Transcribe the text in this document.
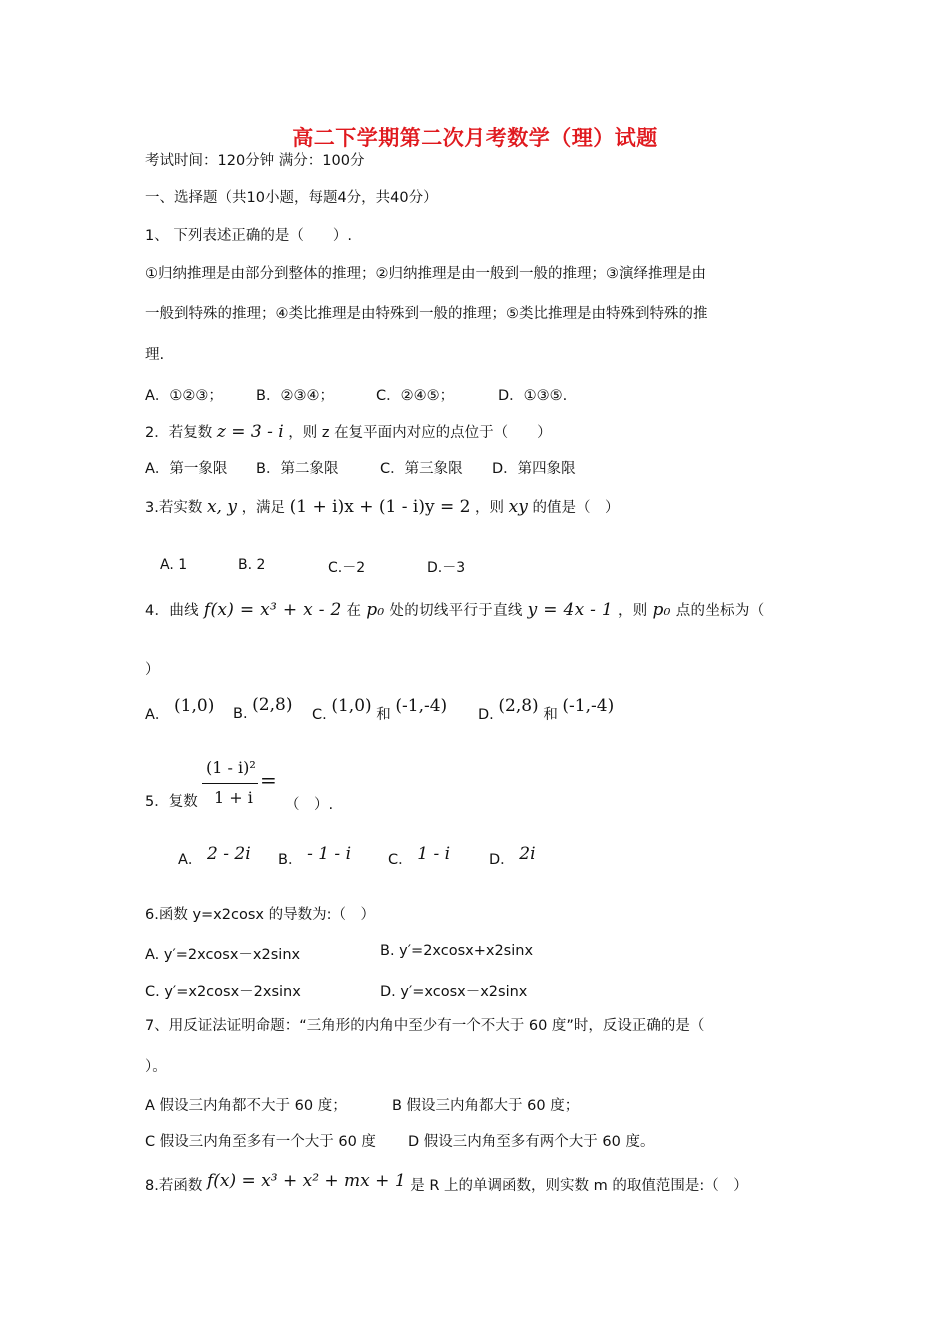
高二下学期第二次月考数学（理）试题
考试时间：120分钟 满分：100分
一、选择题（共10小题，每题4分，共40分）
1、 下列表述正确的是（　　）.
①归纳推理是由部分到整体的推理；②归纳推理是由一般到一般的推理；③演绎推理是由
一般到特殊的推理；④类比推理是由特殊到一般的推理；⑤类比推理是由特殊到特殊的推
理.
A．①②③； B．②③④；	C．②④⑤；	D．①③⑤.
2．若复数 z = 3 - i ，则 z 在复平面内对应的点位于（　　）
A．第一象限 B．第二象限	C．第三象限 D．第四象限
3.若实数 x, y ，满足 (1 + i)x + (1 - i)y = 2 ，则 xy 的值是（　）
A. 1	B. 2	C.－2	D.－3
4．曲线 f(x) = x³ + x - 2 在 p₀ 处的切线平行于直线 y = 4x - 1 ，则 p₀ 点的坐标为（
）
A． (1,0) B. (2,8) C. (1,0) 和 (-1,-4) D. (2,8) 和 (-1,-4)
5．复数
(1 - i)²
1 + i
=
（　）.
A． 2 - 2i B． - 1 - i	C． 1 - i	D． 2i
6.函数 y=x2cosx 的导数为:（　）
A. y′=2xcosx－x2sinx	B. y′=2xcosx+x2sinx
C. y′=x2cosx－2xsinx	D. y′=xcosx－x2sinx
7、用反证法证明命题：“三角形的内角中至少有一个不大于 60 度”时，反设正确的是（
）。
A 假设三内角都不大于 60 度；	B 假设三内角都大于 60 度；
C 假设三内角至多有一个大于 60 度 D 假设三内角至多有两个大于 60 度。
8.若函数 f(x) = x³ + x² + mx + 1 是 R 上的单调函数，则实数 m 的取值范围是:（　）
